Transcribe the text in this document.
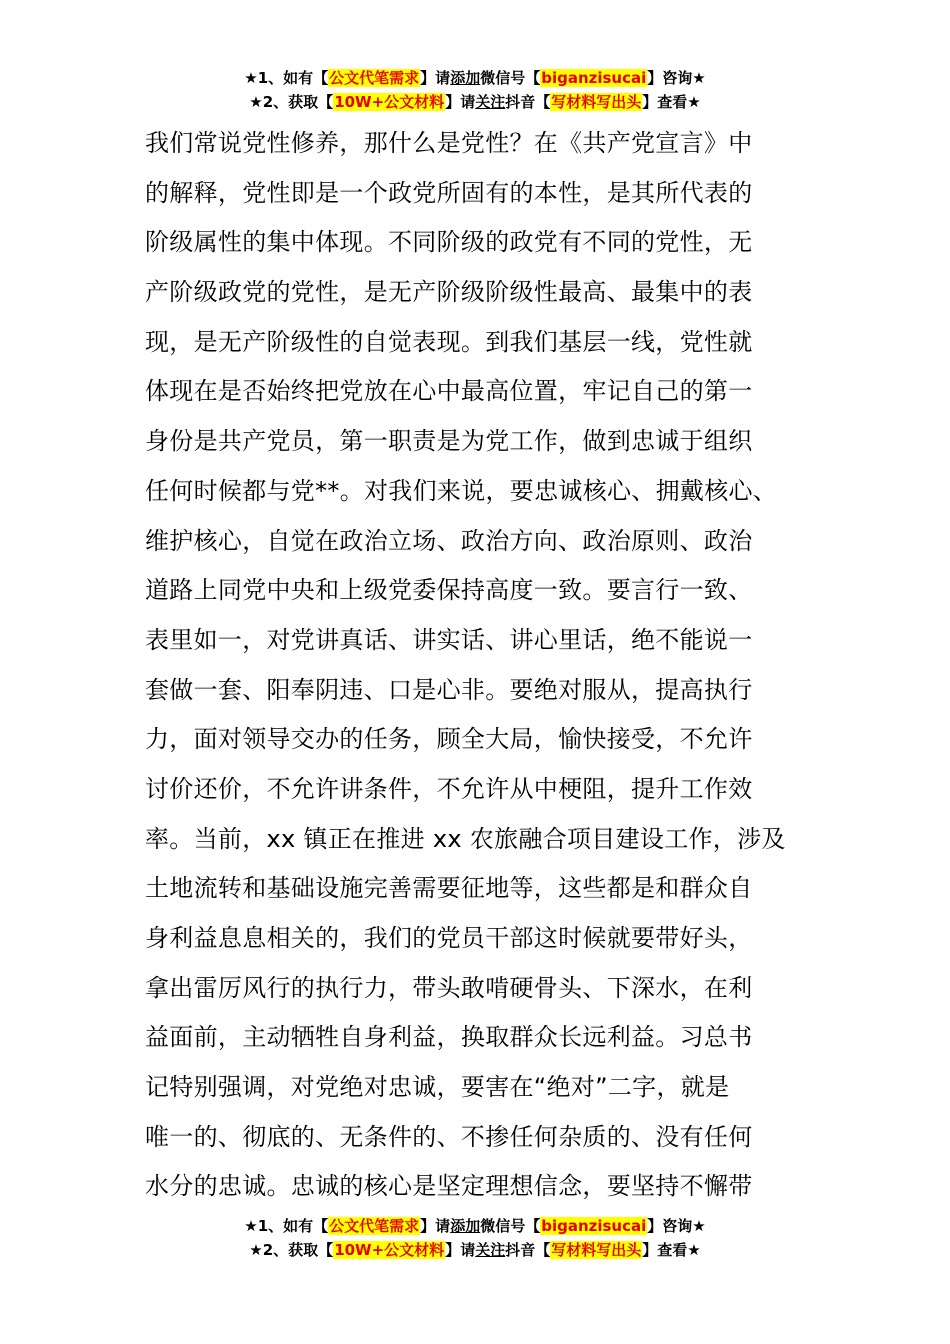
★1、如有【公文代笔需求】请添加微信号【biganzisucai】咨询★
★2、获取【10W+公文材料】请关注抖音【写材料写出头】查看★
我们常说党性修养，那什么是党性？在《共产党宣言》中
的解释，党性即是一个政党所固有的本性，是其所代表的
阶级属性的集中体现。不同阶级的政党有不同的党性，无
产阶级政党的党性，是无产阶级阶级性最高、最集中的表
现，是无产阶级性的自觉表现。到我们基层一线，党性就
体现在是否始终把党放在心中最高位置，牢记自己的第一
身份是共产党员，第一职责是为党工作，做到忠诚于组织
任何时候都与党**。对我们来说，要忠诚核心、拥戴核心、
维护核心，自觉在政治立场、政治方向、政治原则、政治
道路上同党中央和上级党委保持高度一致。要言行一致、
表里如一，对党讲真话、讲实话、讲心里话，绝不能说一
套做一套、阳奉阴违、口是心非。要绝对服从，提高执行
力，面对领导交办的任务，顾全大局，愉快接受，不允许
讨价还价，不允许讲条件，不允许从中梗阻，提升工作效
率。当前，xx 镇正在推进 xx 农旅融合项目建设工作，涉及
土地流转和基础设施完善需要征地等，这些都是和群众自
身利益息息相关的，我们的党员干部这时候就要带好头，
拿出雷厉风行的执行力，带头敢啃硬骨头、下深水，在利
益面前，主动牺牲自身利益，换取群众长远利益。习总书
记特别强调，对党绝对忠诚，要害在“绝对”二字，就是
唯一的、彻底的、无条件的、不掺任何杂质的、没有任何
水分的忠诚。忠诚的核心是坚定理想信念，要坚持不懈带
★1、如有【公文代笔需求】请添加微信号【biganzisucai】咨询★
★2、获取【10W+公文材料】请关注抖音【写材料写出头】查看★
